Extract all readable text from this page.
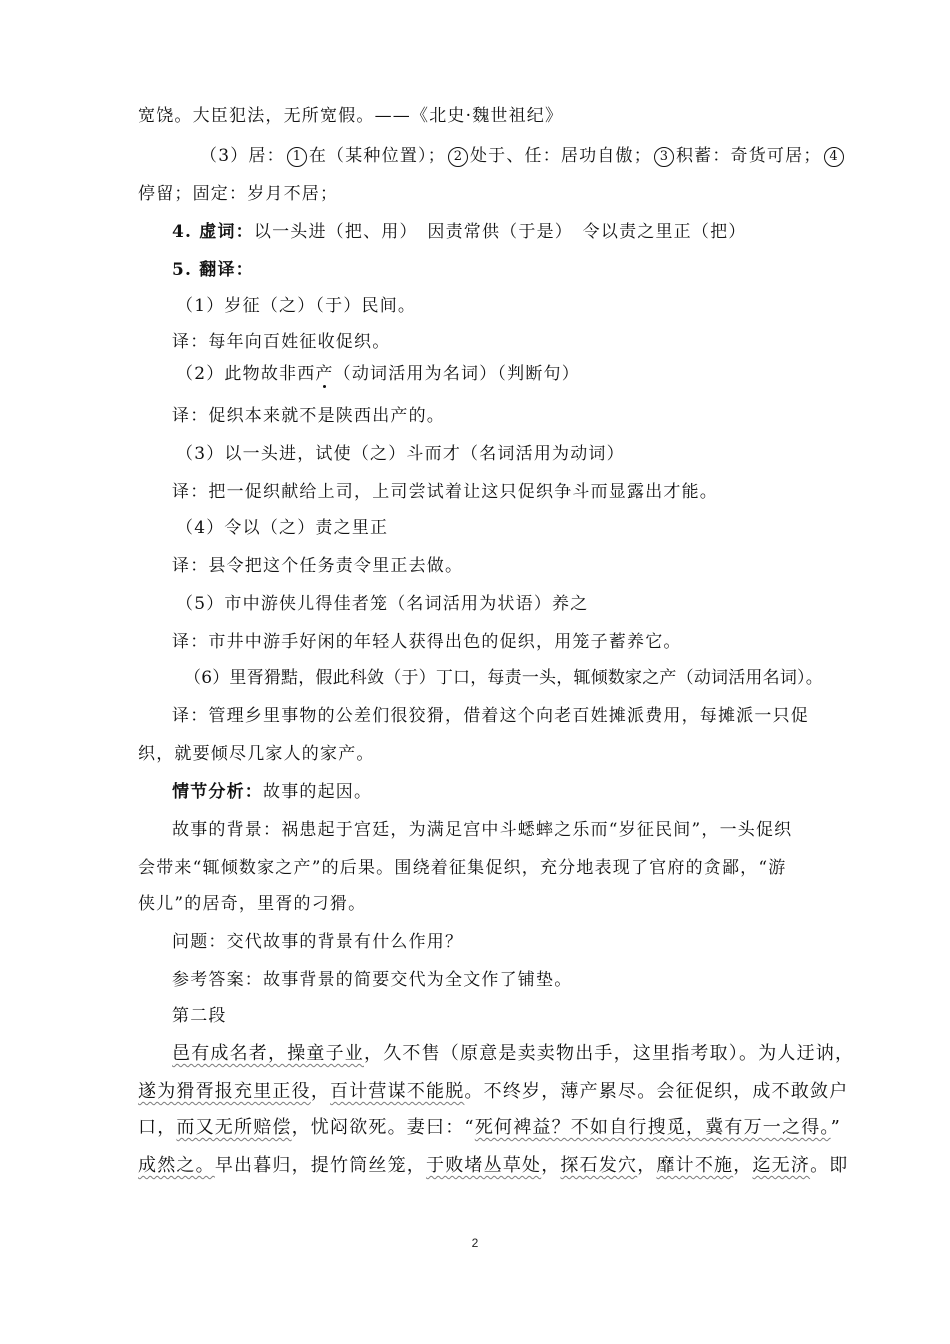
宽饶。大臣犯法，无所宽假。——《北史·魏世祖纪》
（3）居： 1 在（某种位置）； 2 处于、任：居功自傲； 3 积蓄：奇货可居； 4
停留；固定：岁月不居；
4. 虚词：以一头进（把、用）　因责常供（于是）　令以责之里正（把）
5. 翻译：
（1）岁征（之）（于）民间。
译：每年向百姓征收促织。
（2）此物故非西产（动词活用为名词）（判断句）
译：促织本来就不是陕西出产的。
（3）以一头进，试使（之）斗而才（名词活用为动词）
译：把一促织献给上司，上司尝试着让这只促织争斗而显露出才能。
（4）令以（之）责之里正
译：县令把这个任务责令里正去做。
（5）市中游侠儿得佳者笼（名词活用为状语）养之
译：市井中游手好闲的年轻人获得出色的促织，用笼子蓄养它。
（6）里胥猾黠，假此科敛（于）丁口，每责一头，辄倾数家之产（动词活用名词）。
译：管理乡里事物的公差们很狡猾，借着这个向老百姓摊派费用，每摊派一只促
织，就要倾尽几家人的家产。
情节分析：故事的起因。
故事的背景：祸患起于宫廷，为满足宫中斗蟋蟀之乐而“岁征民间”，一头促织
会带来“辄倾数家之产”的后果。围绕着征集促织，充分地表现了官府的贪鄙，“游
侠儿”的居奇，里胥的刁猾。
问题：交代故事的背景有什么作用？
参考答案：故事背景的简要交代为全文作了铺垫。
第二段
邑有成名者，操童子业，久不售（原意是卖卖物出手，这里指考取）。为人迂讷，
遂为猾胥报充里正役，百计营谋不能脱。不终岁，薄产累尽。会征促织，成不敢敛户
口，而又无所赔偿，忧闷欲死。妻曰：“死何裨益？不如自行搜觅，冀有万一之得。”
成然之。早出暮归，提竹筒丝笼，于败堵丛草处，探石发穴，靡计不施，迄无济。即
2
